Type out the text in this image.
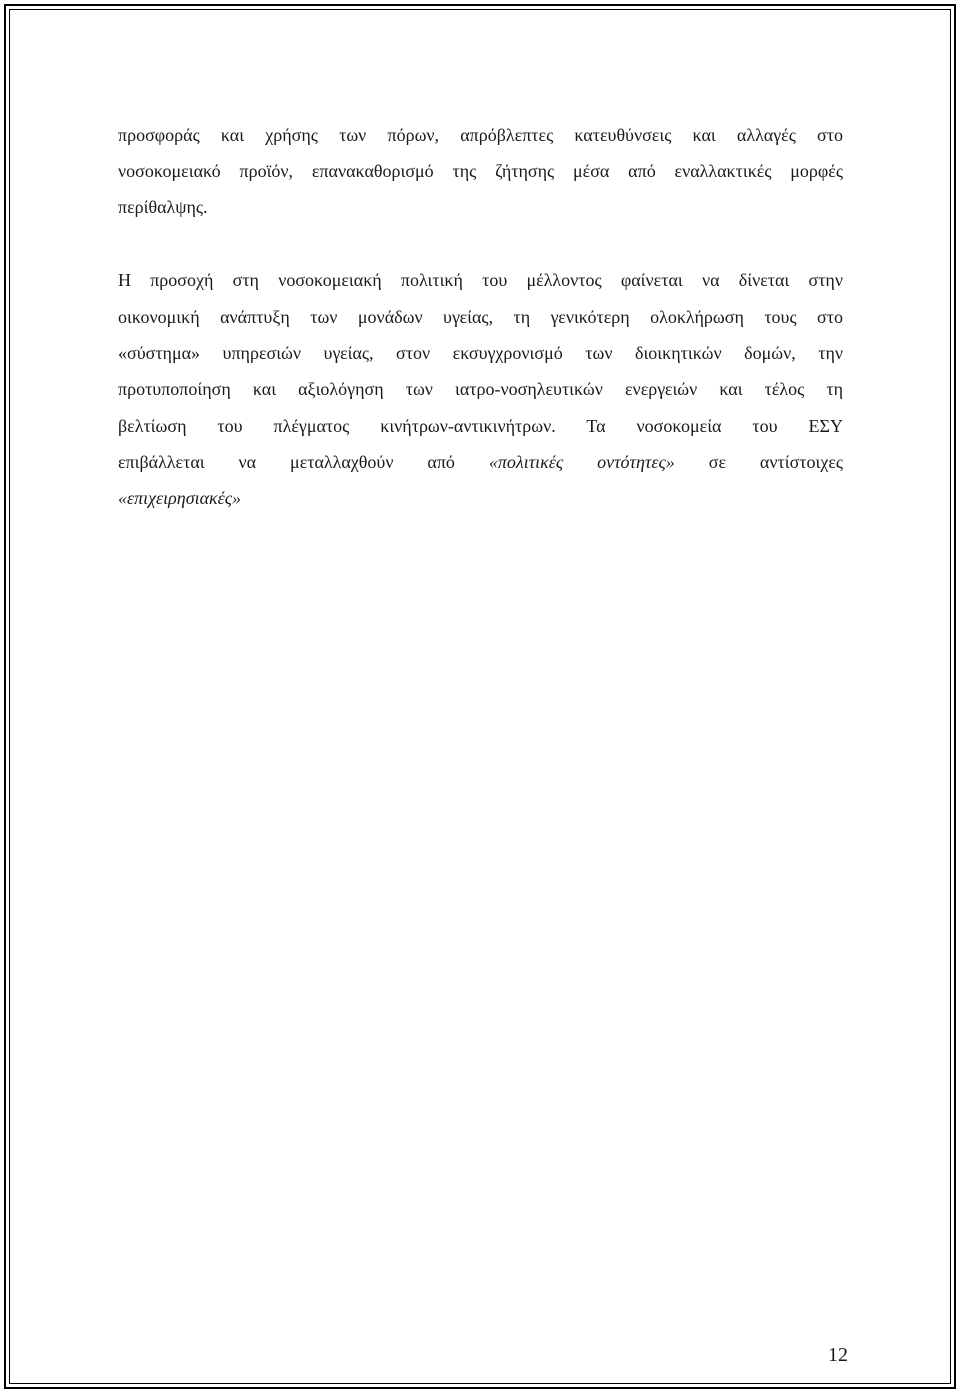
προσφοράς και χρήσης των πόρων, απρόβλεπτες κατευθύνσεις και αλλαγές στο
νοσοκομειακό προϊόν, επανακαθορισμό της ζήτησης μέσα από εναλλακτικές μορφές
περίθαλψης.
Η προσοχή στη νοσοκομειακή πολιτική του μέλλοντος φαίνεται να δίνεται στην
οικονομική ανάπτυξη των μονάδων υγείας, τη γενικότερη ολοκλήρωση τους στο
«σύστημα» υπηρεσιών υγείας, στον εκσυγχρονισμό των διοικητικών δομών, την
προτυποποίηση και αξιολόγηση των ιατρο-νοσηλευτικών ενεργειών και τέλος τη
βελτίωση του πλέγματος κινήτρων-αντικινήτρων. Τα νοσοκομεία του ΕΣΥ
επιβάλλεται να μεταλλαχθούν από «πολιτικές οντότητες» σε αντίστοιχες
«επιχειρησιακές»
12
